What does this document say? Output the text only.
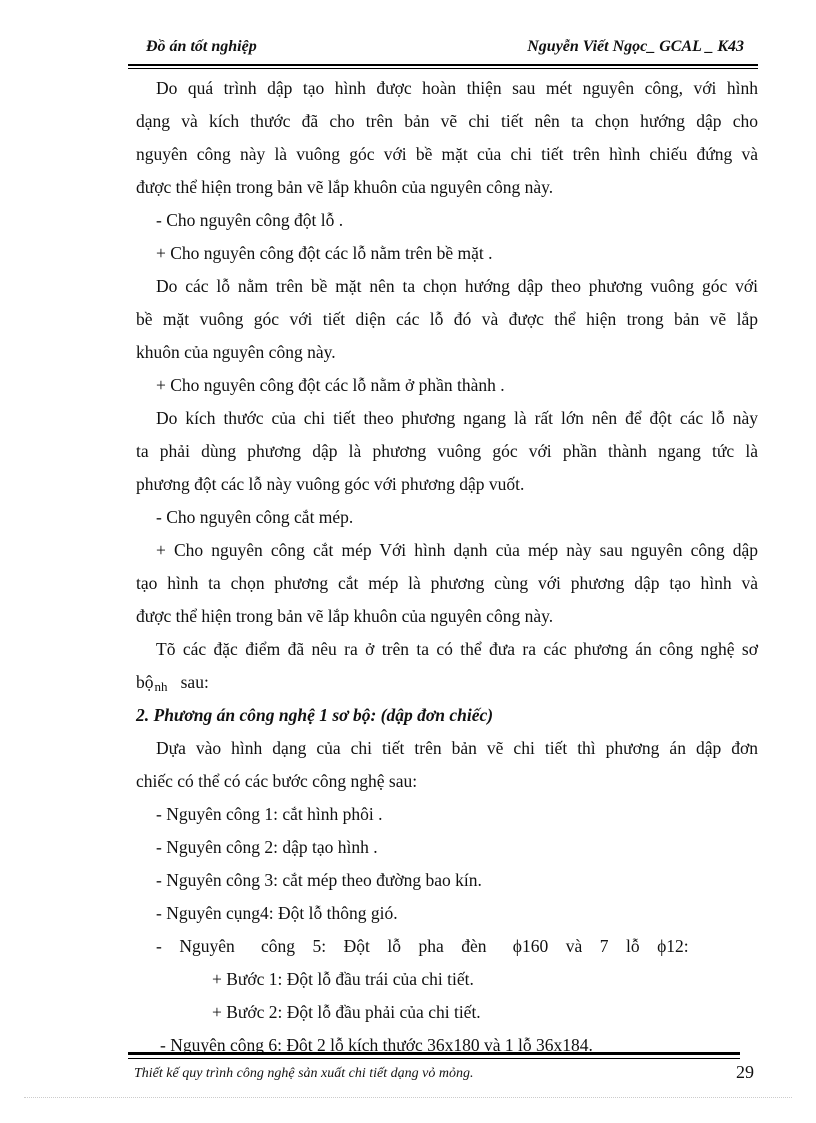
Đồ án tốt nghiệp	Nguyễn Viết Ngọc_ GCAL _ K43
Do quá trình dập tạo hình được hoàn thiện sau mét nguyên công, với hình
dạng và kích thước đã cho trên bản vẽ chi tiết nên ta chọn hướng dập cho
nguyên công này là vuông góc với bề mặt của chi tiết trên hình chiếu đứng và
được thể hiện trong bản vẽ lắp khuôn của nguyên công này.
- Cho nguyên công đột lỗ .
+ Cho nguyên công đột các lỗ nằm trên bề mặt .
Do các lỗ nằm trên bề mặt nên ta chọn hướng dập theo phương vuông góc với
bề mặt vuông góc với tiết diện các lỗ đó và được thể hiện trong bản vẽ lắp
khuôn của nguyên công này.
+ Cho nguyên công đột các lỗ nằm ở phần thành .
Do kích thước của chi tiết theo phương ngang là rất lớn nên để đột các lỗ này
ta phải dùng phương dập là phương vuông góc với phần thành ngang tức là
phương đột các lỗ này vuông góc với phương dập vuốt.
- Cho nguyên công cắt mép.
+ Cho nguyên công cắt mép Với hình dạnh của mép này sau nguyên công dập
tạo hình ta chọn phương cắt mép là phương cùng với phương dập tạo hình và
được thể hiện trong bản vẽ lắp khuôn của nguyên công này.
Tõ các đặc điểm đã nêu ra ở trên ta có thể đưa ra các phương án công nghệ sơ
bộnh sau:
2. Phương án công nghệ 1 sơ bộ: (dập đơn chiếc)
Dựa vào hình dạng của chi tiết trên bản vẽ chi tiết thì phương án dập đơn
chiếc có thể có các bước công nghệ sau:
- Nguyên công 1: cắt hình phôi .
- Nguyên công 2: dập tạo hình .
- Nguyên công 3: cắt mép theo đường bao kín.
- Nguyên cụng4: Đột lỗ thông gió.
-    Nguyên      công    5:    Đột    lỗ    pha    đèn      ϕ160    và    7    lỗ    ϕ12:
+ Bước 1: Đột lỗ đầu trái của chi tiết.
+ Bước 2: Đột lỗ đầu phải của chi tiết.
- Nguyên công 6: Đột 2 lỗ kích thước 36x180 và 1 lỗ 36x184.
Thiết kế quy trình công nghệ sản xuất chi tiết dạng vỏ mỏng.	29
